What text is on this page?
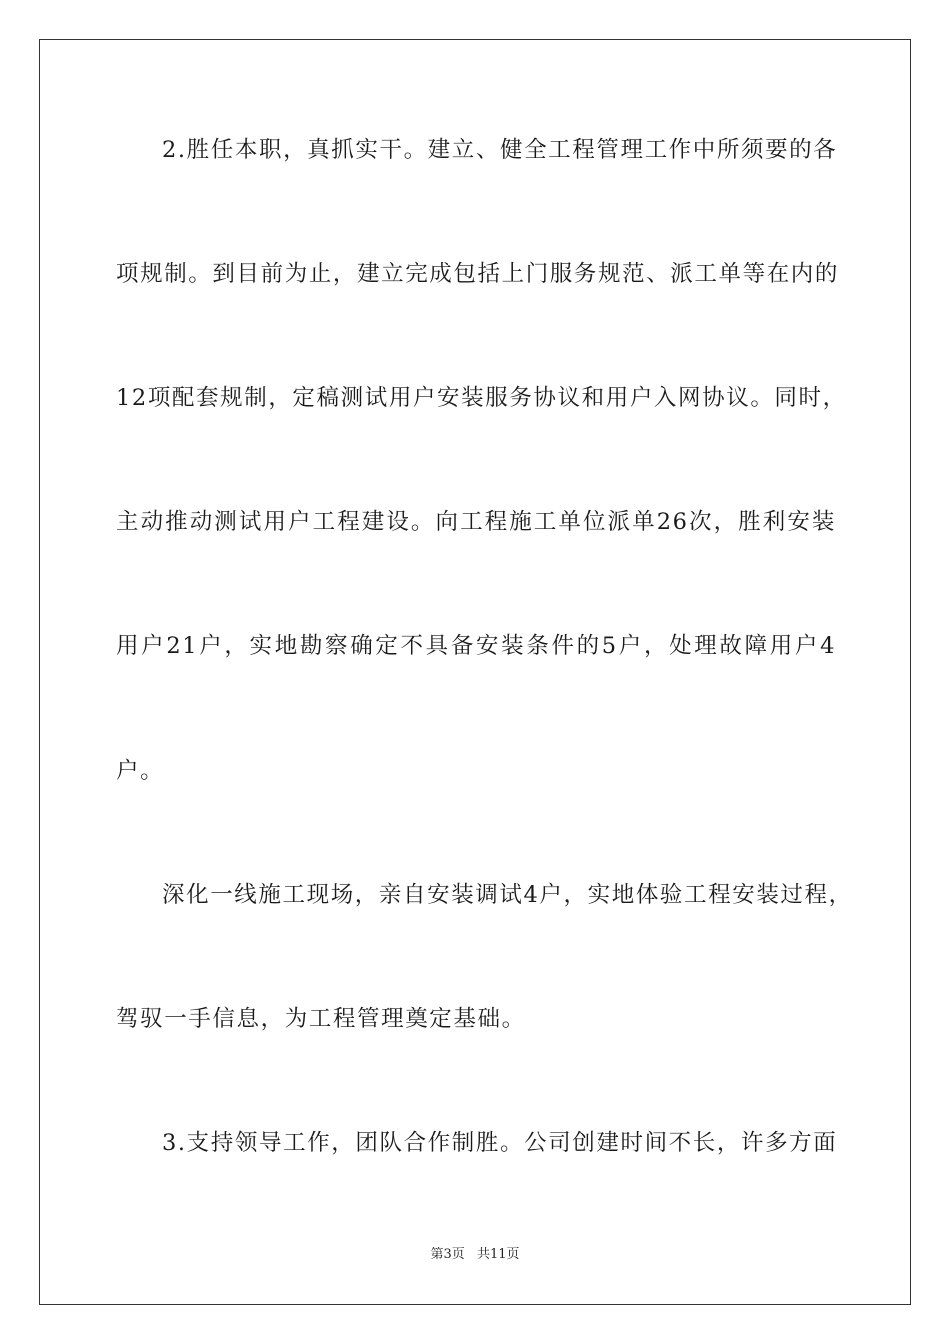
2.胜任本职，真抓实干。建立、健全工程管理工作中所须要的各
项规制。到目前为止，建立完成包括上门服务规范、派工单等在内的
12项配套规制，定稿测试用户安装服务协议和用户入网协议。同时，
主动推动测试用户工程建设。向工程施工单位派单26次，胜利安装
用户21户，实地勘察确定不具备安装条件的5户，处理故障用户4
户。
深化一线施工现场，亲自安装调试4户，实地体验工程安装过程，
驾驭一手信息，为工程管理奠定基础。
3.支持领导工作，团队合作制胜。公司创建时间不长，许多方面
第3页 共11页
